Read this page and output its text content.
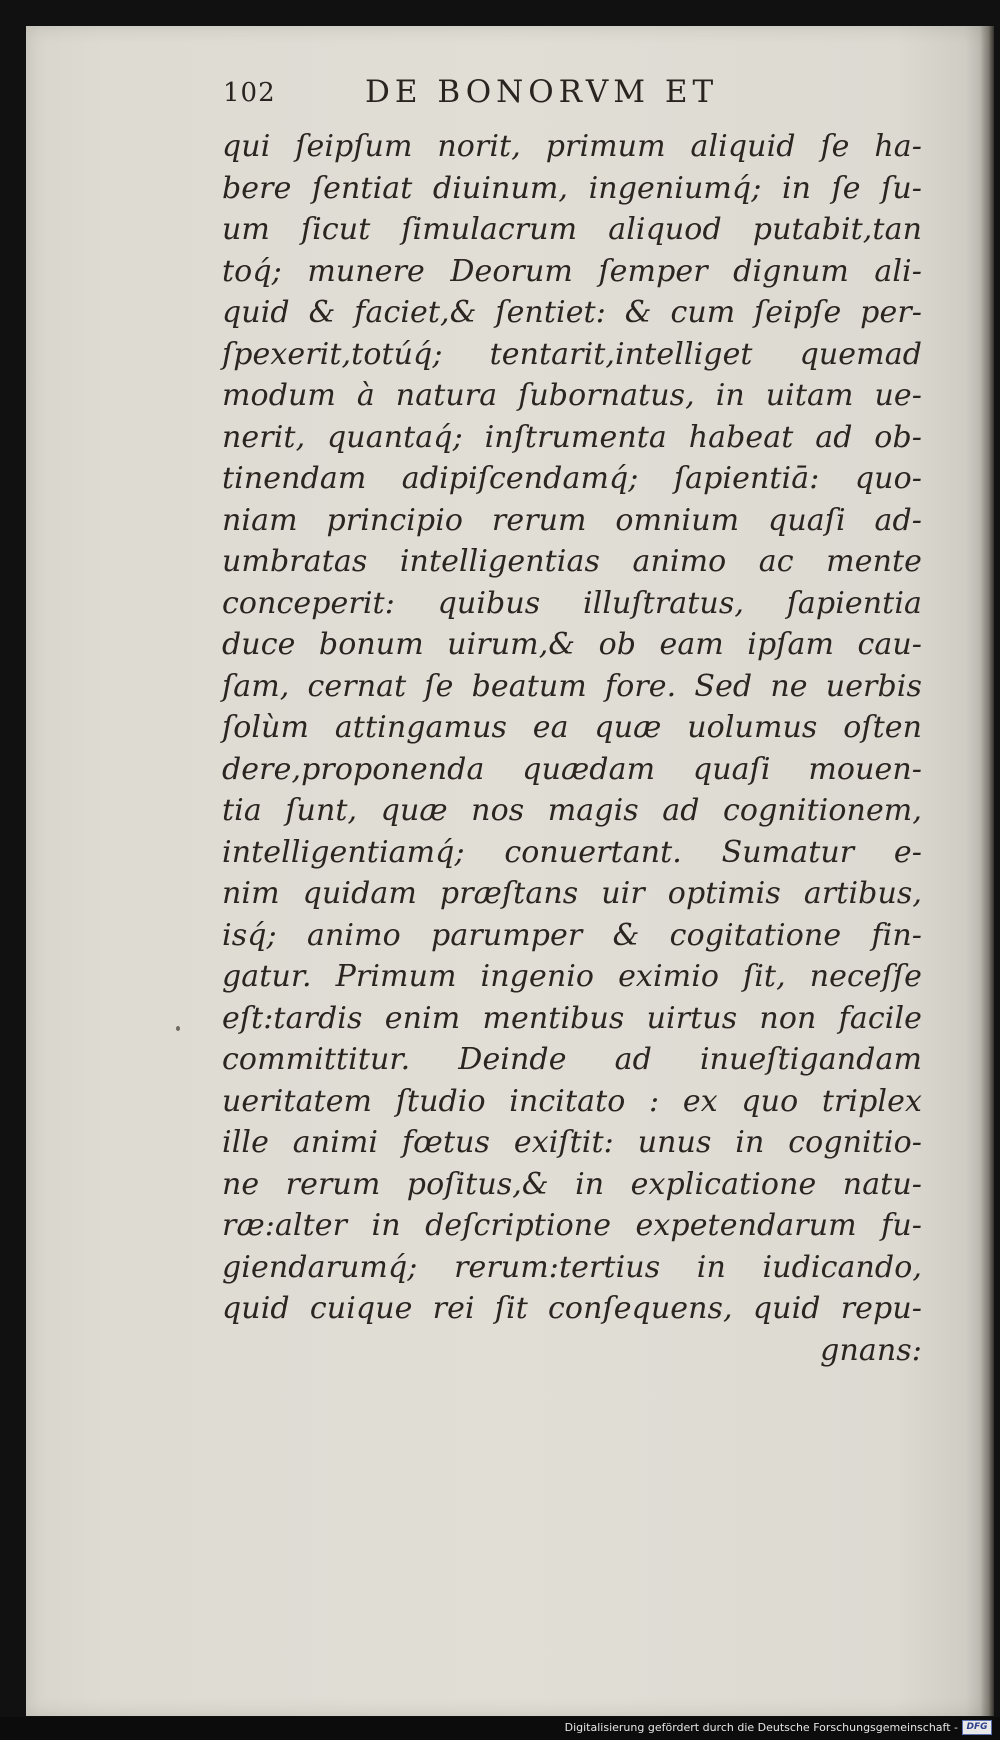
102	DE BONORVM ET
qui ſeipſum norit, primum aliquid ſe ha-
bere ſentiat diuinum, ingeniumq́; in ſe ſu-
um ſicut ſimulacrum aliquod putabit,tan
toq́; munere Deorum ſemper dignum ali-
quid & faciet,& ſentiet: & cum ſeipſe per-
ſpexerit,totúq́; tentarit,intelliget quemad
modum à natura ſubornatus, in uitam ue-
nerit, quantaq́; inſtrumenta habeat ad ob-
tinendam adipiſcendamq́; ſapientiā: quo-
niam principio rerum omnium quaſi ad-
umbratas intelligentias animo ac mente
conceperit: quibus illuſtratus, ſapientia
duce bonum uirum,& ob eam ipſam cau-
ſam, cernat ſe beatum fore. Sed ne uerbis
ſolùm attingamus ea quæ uolumus oſten
dere,proponenda quædam quaſi mouen-
tia ſunt, quæ nos magis ad cognitionem,
intelligentiamq́; conuertant. Sumatur e-
nim quidam præſtans uir optimis artibus,
isq́; animo parumper & cogitatione fin-
gatur. Primum ingenio eximio ſit, neceſſe
eſt:tardis enim mentibus uirtus non facile
committitur. Deinde ad inueſtigandam
ueritatem ſtudio incitato : ex quo triplex
ille animi fœtus exiſtit: unus in cognitio-
ne rerum poſitus,& in explicatione natu-
ræ:alter in deſcriptione expetendarum fu-
giendarumq́; rerum:tertius in iudicando,
quid cuique rei ſit conſequens, quid repu-
gnans:
Digitalisierung gefördert durch die Deutsche Forschungsgemeinschaft - DFG
